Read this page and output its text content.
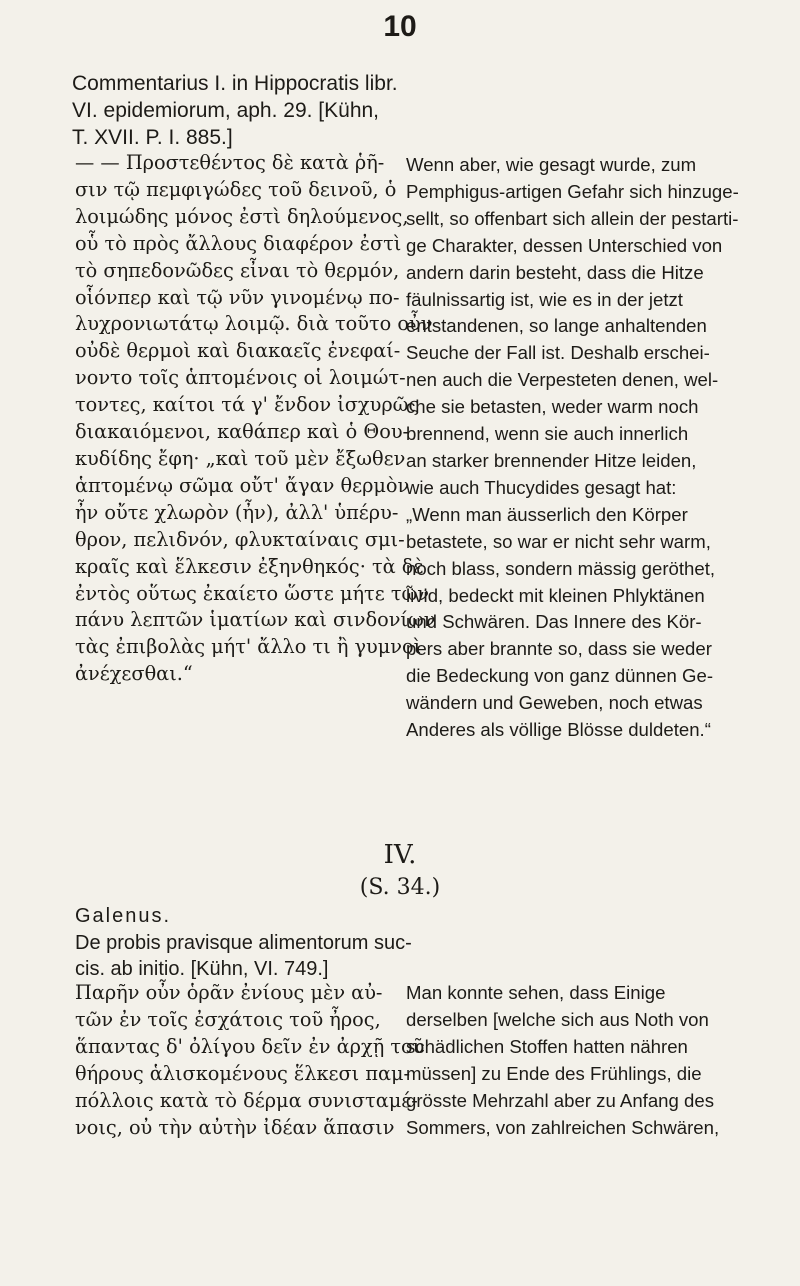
10
Commentarius I. in Hippocratis libr.
VI. epidemiorum, aph. 29. [Kühn,
T. XVII. P. I. 885.]
— — Προστεθέντος δὲ κατὰ ῥῆ-
σιν τῷ πεμφιγώδες τοῦ δεινοῦ, ὁ
λοιμώδης μόνος ἐστὶ δηλούμενος,
οὗ τὸ πρὸς ἄλλους διαφέρον ἐστὶ
τὸ σηπεδονῶδες εἶναι τὸ θερμόν,
οἷόνπερ καὶ τῷ νῦν γινομένῳ πο-
λυχρονιωτάτῳ λοιμῷ. διὰ τοῦτο οὖν
οὐδὲ θερμοὶ καὶ διακαεῖς ἐνεφαί-
νοντο τοῖς ἁπτομένοις οἱ λοιμώτ-
τοντες, καίτοι τά γ' ἔνδον ἰσχυρῶς
διακαιόμενοι, καθάπερ καὶ ὁ Θου-
κυδίδης ἔφη· „καὶ τοῦ μὲν ἔξωθεν
ἁπτομένῳ σῶμα οὔτ' ἄγαν θερμὸν
ἦν οὔτε χλωρὸν (ἦν), ἀλλ' ὑπέρυ-
θρον, πελιδνόν, φλυκταίναις σμι-
κραῖς καὶ ἕλκεσιν ἐξηνθηκός· τὰ δὲ
ἐντὸς οὕτως ἐκαίετο ὥστε μήτε τῶν
πάνυ λεπτῶν ἱματίων καὶ σινδονίων
τὰς ἐπιβολὰς μήτ' ἄλλο τι ἢ γυμνοὶ
ἀνέχεσθαι.“
Wenn aber, wie gesagt wurde, zum
Pemphigus-artigen Gefahr sich hinzuge-
sellt, so offenbart sich allein der pestarti-
ge Charakter, dessen Unterschied von
andern darin besteht, dass die Hitze
fäulnissartig ist, wie es in der jetzt
entstandenen, so lange anhaltenden
Seuche der Fall ist. Deshalb erschei-
nen auch die Verpesteten denen, wel-
che sie betasten, weder warm noch
brennend, wenn sie auch innerlich
an starker brennender Hitze leiden,
wie auch Thucydides gesagt hat:
„Wenn man äusserlich den Körper
betastete, so war er nicht sehr warm,
noch blass, sondern mässig geröthet,
livid, bedeckt mit kleinen Phlyktänen
und Schwären. Das Innere des Kör-
pers aber brannte so, dass sie weder
die Bedeckung von ganz dünnen Ge-
wändern und Geweben, noch etwas
Anderes als völlige Blösse duldeten.“
IV.
(S. 34.)
Galenus.
De probis pravisque alimentorum suc-
cis. ab initio. [Kühn, VI. 749.]
Παρῆν οὖν ὁρᾶν ἐνίους μὲν αὐ-
τῶν ἐν τοῖς ἐσχάτοις τοῦ ἦρος,
ἅπαντας δ' ὀλίγου δεῖν ἐν ἀρχῇ τοῦ
θήρους ἁλισκομένους ἕλκεσι παμ-
πόλλοις κατὰ τὸ δέρμα συνισταμέ-
νοις, οὐ τὴν αὐτὴν ἰδέαν ἅπασιν
Man konnte sehen, dass Einige
derselben [welche sich aus Noth von
schädlichen Stoffen hatten nähren
müssen] zu Ende des Frühlings, die
grösste Mehrzahl aber zu Anfang des
Sommers, von zahlreichen Schwären,
